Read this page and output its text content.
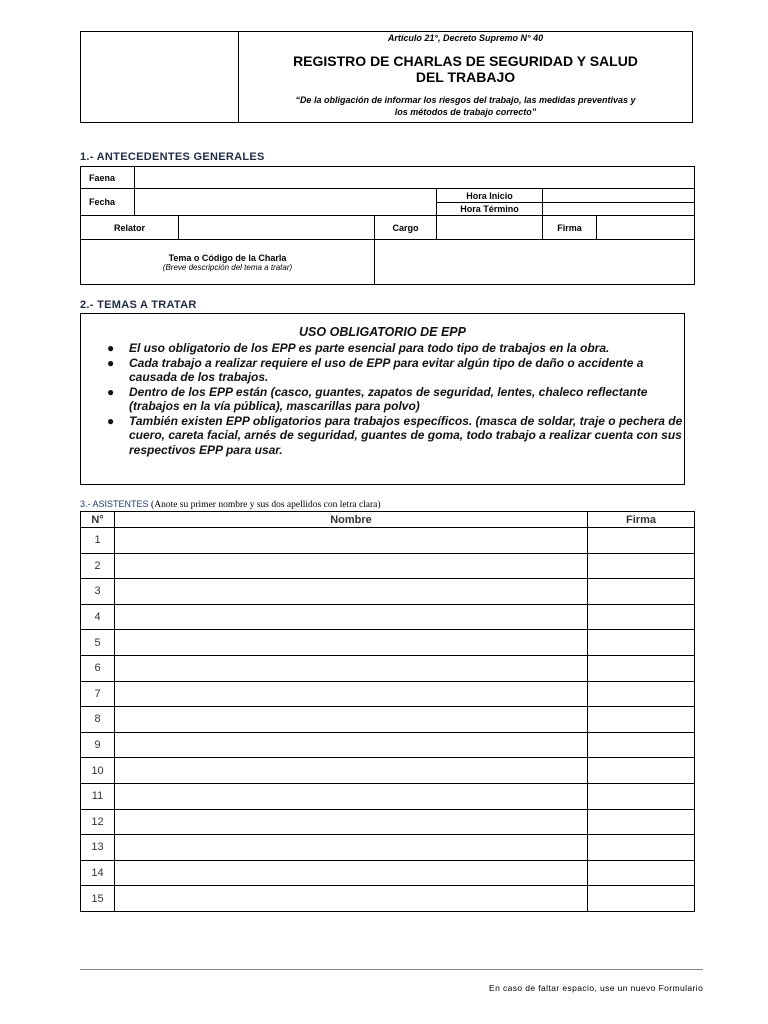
Artículo 21°, Decreto Supremo N° 40
REGISTRO DE CHARLAS DE SEGURIDAD Y SALUD
DEL TRABAJO
“De la obligación de informar los riesgos del trabajo, las medidas preventivas y
los métodos de trabajo correcto”
1.- ANTECEDENTES GENERALES
Faena						
Fecha				Hora Inicio		
				Hora Término		
Relator			Cargo		Firma	

Tema o Código de la Charla
(Breve descripción del tema a tratar)						

2.- TEMAS A TRATAR
USO OBLIGATORIO DE EPP
● El uso obligatorio de los EPP es parte esencial para todo tipo de trabajos en la obra.
● Cada trabajo a realizar requiere el uso de EPP para evitar algún tipo de daño o accidente a causada de los trabajos.
● Dentro de los EPP están (casco, guantes, zapatos de seguridad, lentes, chaleco reflectante (trabajos en la vía pública), mascarillas para polvo)
● También existen EPP obligatorios para trabajos específicos. (masca de soldar, traje o pechera de cuero, careta facial, arnés de seguridad, guantes de goma, todo trabajo a realizar cuenta con sus respectivos EPP para usar.
3.- ASISTENTES (Anote su primer nombre y sus dos apellidos con letra clara)
N°	Nombre	Firma
1		
2		
3		
4		
5		
6		
7		
8		
9		
10		
11		
12		
13		
14		
15		
En caso de faltar espacio, use un nuevo Formulario
